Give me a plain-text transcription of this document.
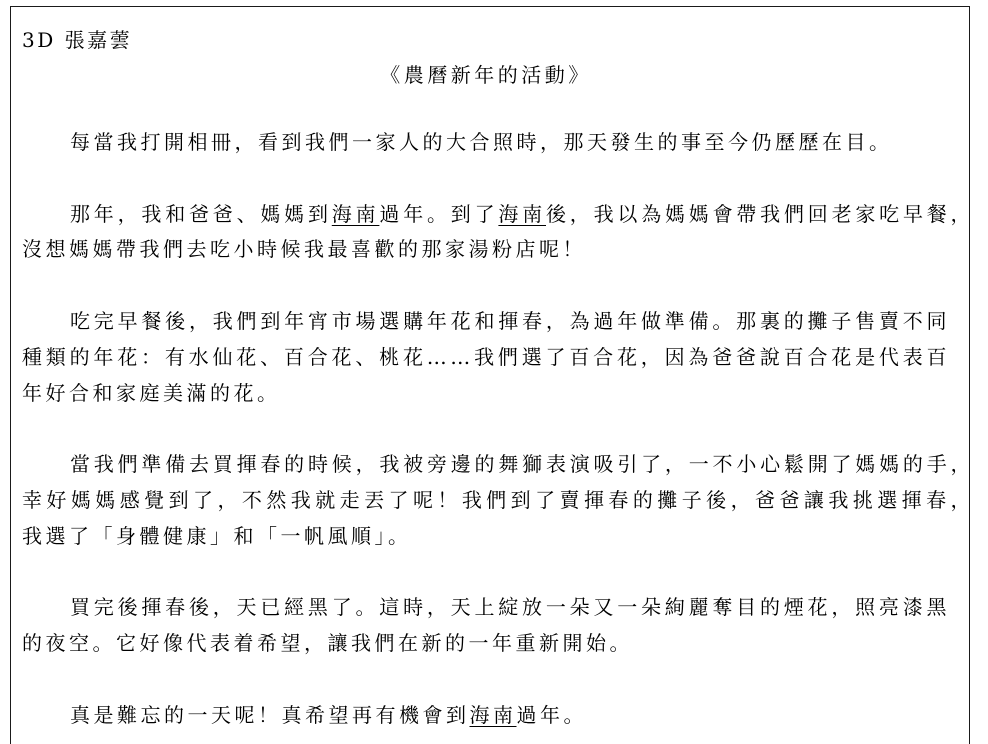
3D 張嘉蕓
《農曆新年的活動》
每當我打開相冊，看到我們一家人的大合照時，那天發生的事至今仍歷歷在目。
那年，我和爸爸、媽媽到海南過年。到了海南後，我以為媽媽會帶我們回老家吃早餐，
沒想媽媽帶我們去吃小時候我最喜歡的那家湯粉店呢！
吃完早餐後，我們到年宵市場選購年花和揮春，為過年做準備。那裏的攤子售賣不同
種類的年花：有水仙花、百合花、桃花……我們選了百合花，因為爸爸說百合花是代表百
年好合和家庭美滿的花。
當我們準備去買揮春的時候，我被旁邊的舞獅表演吸引了，一不小心鬆開了媽媽的手，
幸好媽媽感覺到了，不然我就走丟了呢！我們到了賣揮春的攤子後，爸爸讓我挑選揮春，
我選了「身體健康」和「一帆風順」。
買完後揮春後，天已經黑了。這時，天上綻放一朵又一朵絢麗奪目的煙花，照亮漆黑
的夜空。它好像代表着希望，讓我們在新的一年重新開始。
真是難忘的一天呢！真希望再有機會到海南過年。
